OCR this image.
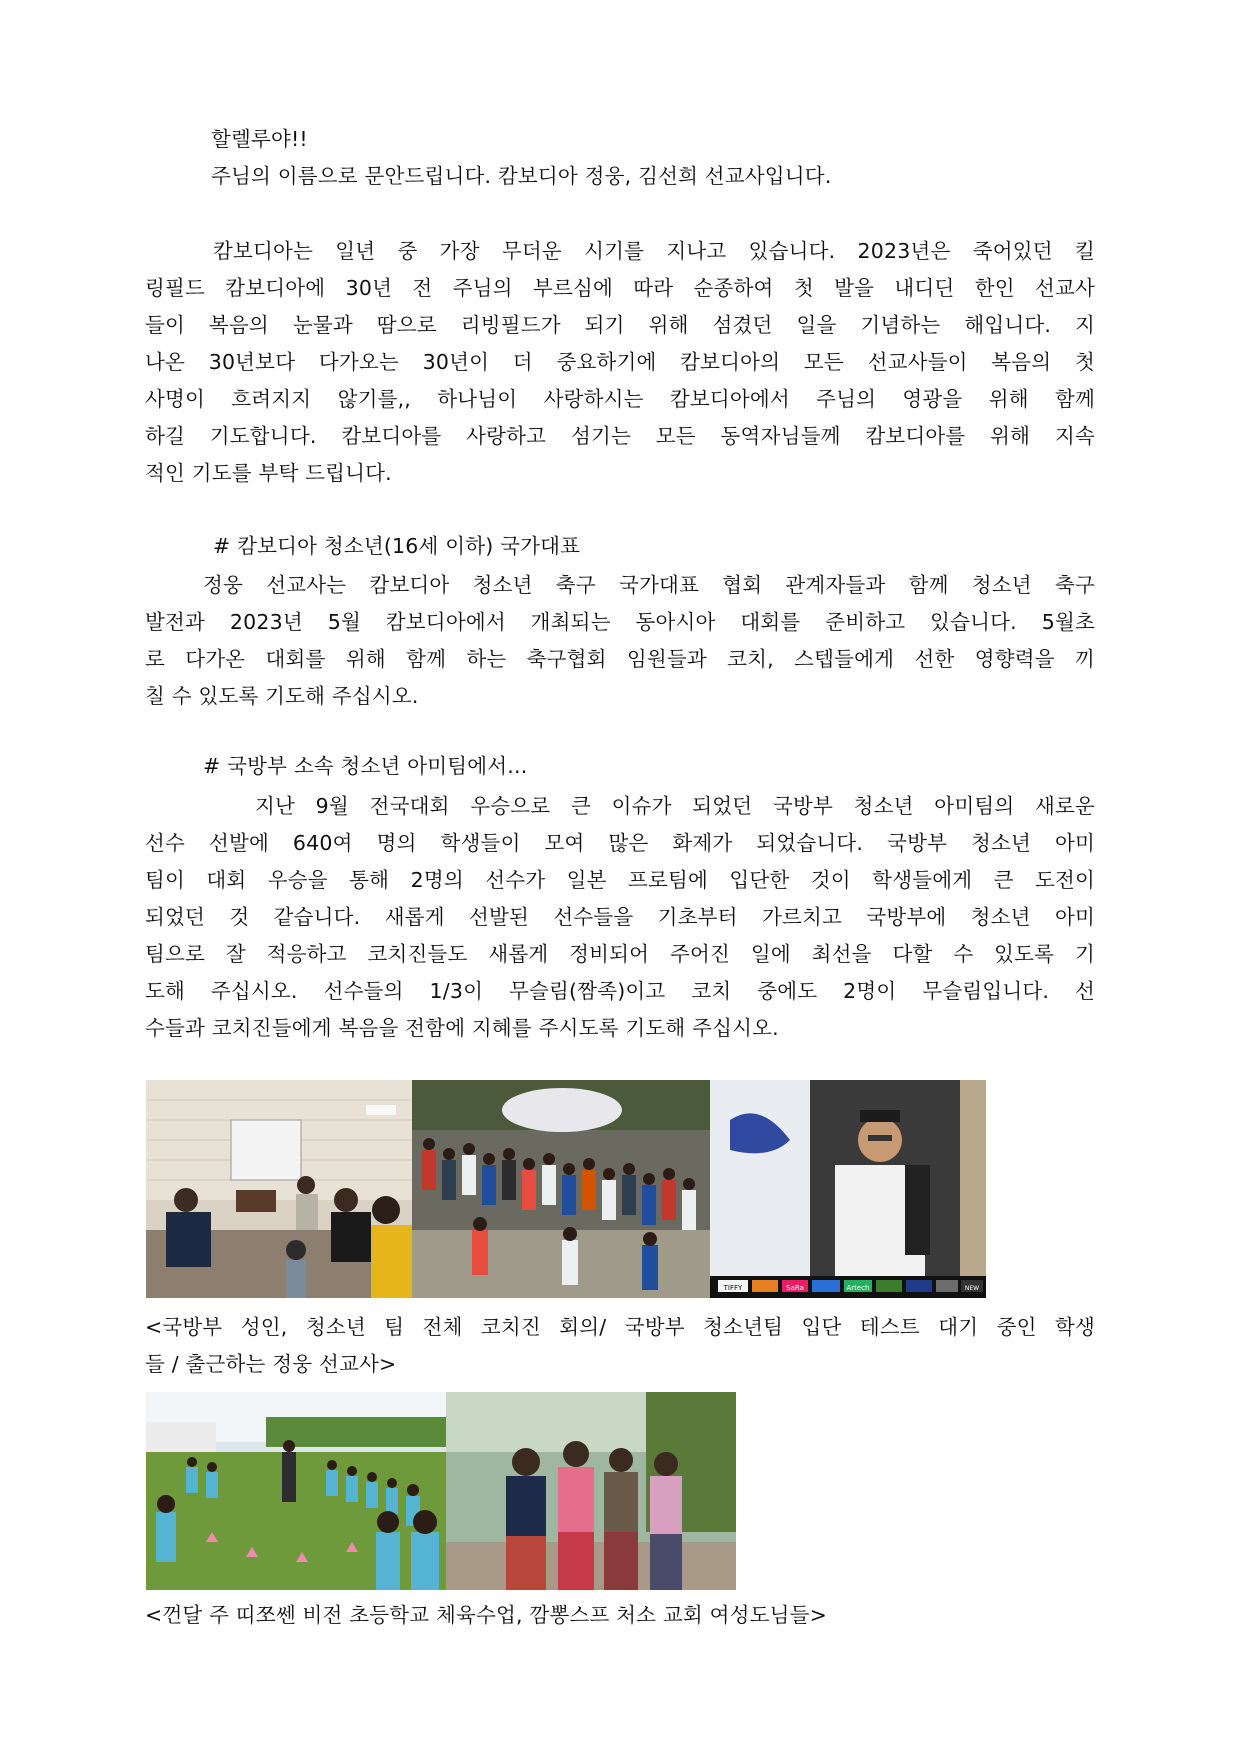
할렐루야!!
주님의 이름으로 문안드립니다. 캄보디아 정웅, 김선희 선교사입니다.
캄보디아는 일년 중 가장 무더운 시기를 지나고 있습니다. 2023년은 죽어있던 킬
링필드 캄보디아에 30년 전 주님의 부르심에 따라 순종하여 첫 발을 내디딘 한인 선교사
들이 복음의 눈물과 땀으로 리빙필드가 되기 위해 섬겼던 일을 기념하는 해입니다. 지
나온 30년보다 다가오는 30년이 더 중요하기에 캄보디아의 모든 선교사들이 복음의 첫
사명이 흐려지지 않기를,, 하나님이 사랑하시는 캄보디아에서 주님의 영광을 위해 함께
하길 기도합니다. 캄보디아를 사랑하고 섬기는 모든 동역자님들께 캄보디아를 위해 지속
적인 기도를 부탁 드립니다.
# 캄보디아 청소년(16세 이하) 국가대표
정웅 선교사는 캄보디아 청소년 축구 국가대표 협회 관계자들과 함께 청소년 축구
발전과 2023년 5월 캄보디아에서 개최되는 동아시아 대회를 준비하고 있습니다. 5월초
로 다가온 대회를 위해 함께 하는 축구협회 임원들과 코치, 스텝들에게 선한 영향력을 끼
칠 수 있도록 기도해 주십시오.
# 국방부 소속 청소년 아미팀에서...
지난 9월 전국대회 우승으로 큰 이슈가 되었던 국방부 청소년 아미팀의 새로운
선수 선발에 640여 명의 학생들이 모여 많은 화제가 되었습니다. 국방부 청소년 아미
팀이 대회 우승을 통해 2명의 선수가 일본 프로팀에 입단한 것이 학생들에게 큰 도전이
되었던 것 같습니다. 새롭게 선발된 선수들을 기초부터 가르치고 국방부에 청소년 아미
팀으로 잘 적응하고 코치진들도 새롭게 정비되어 주어진 일에 최선을 다할 수 있도록 기
도해 주십시오. 선수들의 1/3이 무슬림(짬족)이고 코치 중에도 2명이 무슬림입니다. 선
수들과 코치진들에게 복음을 전함에 지혜를 주시도록 기도해 주십시오.
TIFFY	SaRa	Artech	NEW
<국방부 성인, 청소년 팀 전체 코치진 회의/ 국방부 청소년팀 입단 테스트 대기 중인 학생
들 / 출근하는 정웅 선교사>
<껀달 주 띠쪼쎈 비전 초등학교 체육수업, 깜뽕스프 처소 교회 여성도님들>
